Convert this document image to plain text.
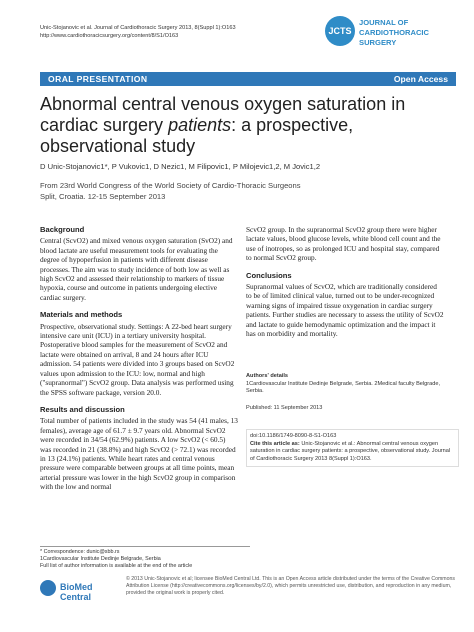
Unic-Stojanovic et al. Journal of Cardiothoracic Surgery 2013, 8(Suppl 1):O163
http://www.cardiothoracicsurgery.org/content/8/S1/O163	JCTS
JOURNAL OF
CARDIOTHORACIC SURGERY
ORAL PRESENTATION	Open Access
Abnormal central venous oxygen saturation in
cardiac surgery patients: a prospective,
observational study
D Unic-Stojanovic1*, P Vukovic1, D Nezic1, M Filipovic1, P Milojevic1,2, M Jovic1,2
From 23rd World Congress of the World Society of Cardio-Thoracic Surgeons
Split, Croatia. 12-15 September 2013
Background

Central (ScvO2) and mixed venous oxygen saturation (SvO2) and blood lactate are useful measurement tools for evaluating the degree of hypoperfusion in patients with different disease processes. The aim was to study incidence of both low as well as high ScvO2 and assessed their relationship to markers of tissue hypoxia, course and outcome in patients undergoing elective cardiac surgery.

Materials and methods

Prospective, observational study. Settings: A 22-bed heart surgery intensive care unit (ICU) in a tertiary university hospital. Postoperative blood samples for the measurement of ScvO2 and lactate were obtained on arrival, 8 and 24 hours after ICU admission. 54 patients were divided into 3 groups based on ScvO2 values upon admission to the ICU: low, normal and high ("supranormal") ScvO2 group. Data analysis was performed using the SPSS software package, version 20.0.

Results and discussion

Total number of patients included in the study was 54 (41 males, 13 females), average age of 61.7 ± 9.7 years old. Abnormal ScvO2 were recorded in 34/54 (62.9%) patients. A low ScvO2 (< 60.5) was recorded in 21 (38.8%) and high ScvO2 (> 72.1) was recorded in 13 (24.1%) patients. While heart rates and central venous pressure were comparable between groups at all time points, mean arterial pressure was lower in the high ScvO2 group in comparison with the low and normal

ScvO2 group. In the supranormal ScvO2 group there were higher lactate values, blood glucose levels, white blood cell count and the use of inotropes, so as prolonged ICU and hospital stay, compared to normal ScvO2 group.

Conclusions

Supranormal values of ScvO2, which are traditionally considered to be of limited clinical value, turned out to be under-recognized warning signs of impaired tissue oxygenation in cardiac surgery patients. Further studies are necessary to assess the utility of ScvO2 and lactate to guide hemodynamic optimization and the impact it has on morbidity and mortality.

Authors' details
1Cardiovascular Institute Dedinje Belgrade, Serbia. 2Medical faculty Belgrade, Serbia.
Published: 11 September 2013
doi:10.1186/1749-8090-8-S1-O163
Cite this article as: Unic-Stojanovic et al.: Abnormal central venous oxygen saturation in cardiac surgery patients: a prospective, observational study. Journal of Cardiothoracic Surgery 2013 8(Suppl 1):O163.
* Correspondence: dunic@sbb.rs
1Cardiovascular Institute Dedinje Belgrade, Serbia
Full list of author information is available at the end of the article
BioMed Central
© 2013 Unic-Stojanovic et al; licensee BioMed Central Ltd. This is an Open Access article distributed under the terms of the Creative Commons Attribution License (http://creativecommons.org/licenses/by/2.0), which permits unrestricted use, distribution, and reproduction in any medium, provided the original work is properly cited.
